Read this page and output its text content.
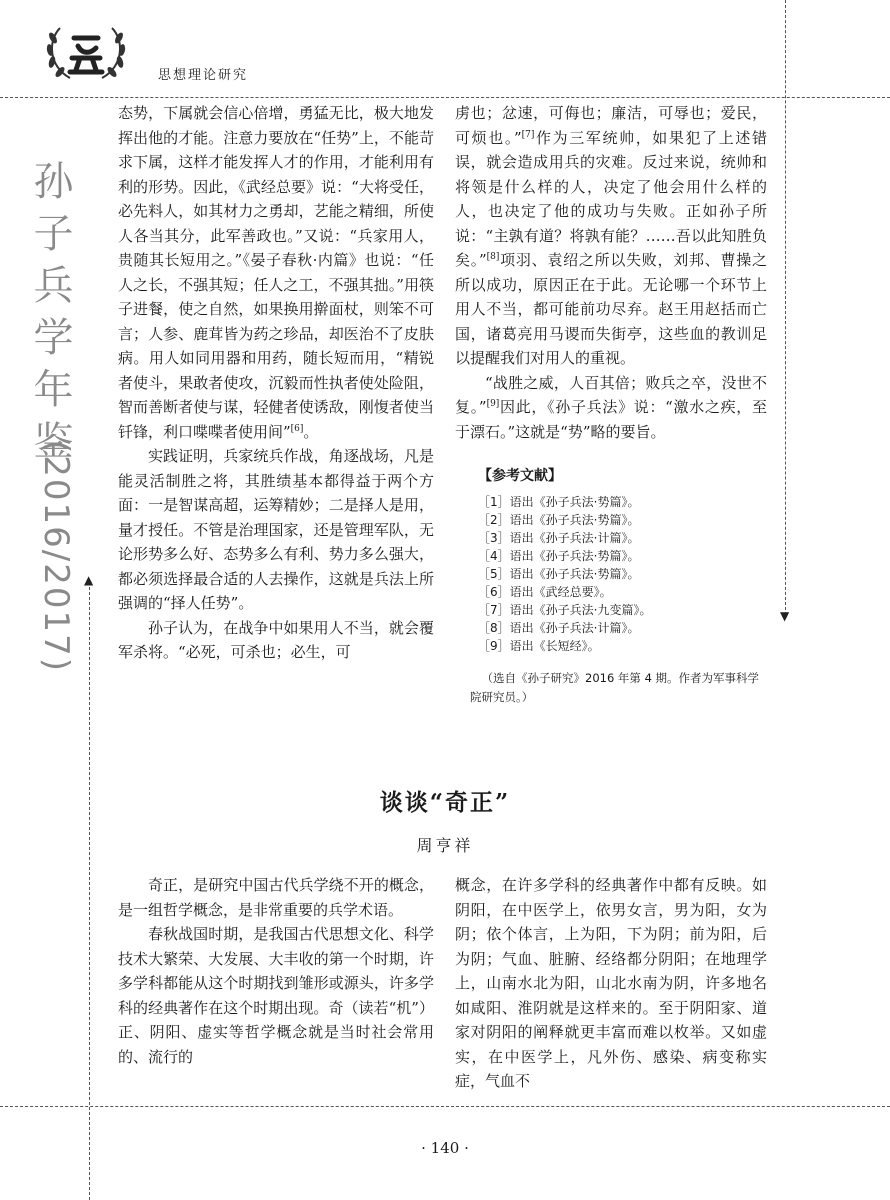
▲
▼
思想理论研究
孙子兵学年鉴
(2016/2017)

态势，下属就会信心倍增，勇猛无比，极大地发挥出他的才能。注意力要放在“任势”上，不能苛求下属，这样才能发挥人才的作用，才能利用有利的形势。因此，《武经总要》说：“大将受任，必先料人，如其材力之勇却，艺能之精细，所使人各当其分，此军善政也。”又说：“兵家用人，贵随其长短用之。”《晏子春秋·内篇》也说：“任人之长，不强其短；任人之工，不强其拙。”用筷子进餐，使之自然，如果换用擀面杖，则笨不可言；人参、鹿茸皆为药之珍品，却医治不了皮肤病。用人如同用器和用药，随长短而用，“精锐者使斗，果敢者使攻，沉毅而性执者使处险阻，智而善断者使与谋，轻健者使诱敌，刚愎者使当钎锋，利口喋喋者使用间”[6]。

实践证明，兵家统兵作战，角逐战场，凡是能灵活制胜之将，其胜绩基本都得益于两个方面：一是智谋高超，运筹精妙；二是择人是用，量才授任。不管是治理国家，还是管理军队，无论形势多么好、态势多么有利、势力多么强大，都必须选择最合适的人去操作，这就是兵法上所强调的“择人任势”。

孙子认为，在战争中如果用人不当，就会覆军杀将。“必死，可杀也；必生，可

虏也；忿速，可侮也；廉洁，可辱也；爱民，可烦也。”[7]作为三军统帅，如果犯了上述错误，就会造成用兵的灾难。反过来说，统帅和将领是什么样的人，决定了他会用什么样的人，也决定了他的成功与失败。正如孙子所说：“主孰有道？将孰有能？……吾以此知胜负矣。”[8]项羽、袁绍之所以失败，刘邦、曹操之所以成功，原因正在于此。无论哪一个环节上用人不当，都可能前功尽弃。赵王用赵括而亡国，诸葛亮用马谡而失街亭，这些血的教训足以提醒我们对用人的重视。

“战胜之威，人百其倍；败兵之卒，没世不复。”[9]因此，《孙子兵法》说：“激水之疾，至于漂石。”这就是“势”略的要旨。

【参考文献】
［1］语出《孙子兵法·势篇》。
［2］语出《孙子兵法·势篇》。
［3］语出《孙子兵法·计篇》。
［4］语出《孙子兵法·势篇》。
［5］语出《孙子兵法·势篇》。
［6］语出《武经总要》。
［7］语出《孙子兵法·九变篇》。
［8］语出《孙子兵法·计篇》。
［9］语出《长短经》。
（选自《孙子研究》2016 年第 4 期。作者为军事科学院研究员。）
谈谈“奇正”
周亨祥

奇正，是研究中国古代兵学绕不开的概念，是一组哲学概念，是非常重要的兵学术语。

春秋战国时期，是我国古代思想文化、科学技术大繁荣、大发展、大丰收的第一个时期，许多学科都能从这个时期找到雏形或源头，许多学科的经典著作在这个时期出现。奇（读若“机”）正、阴阳、虚实等哲学概念就是当时社会常用的、流行的

概念，在许多学科的经典著作中都有反映。如阴阳，在中医学上，依男女言，男为阳，女为阴；依个体言，上为阳，下为阴；前为阳，后为阴；气血、脏腑、经络都分阴阳；在地理学上，山南水北为阳，山北水南为阴，许多地名如咸阳、淮阴就是这样来的。至于阴阳家、道家对阴阳的阐释就更丰富而难以枚举。又如虚实，在中医学上，凡外伤、感染、病变称实症，气血不

· 140 ·
